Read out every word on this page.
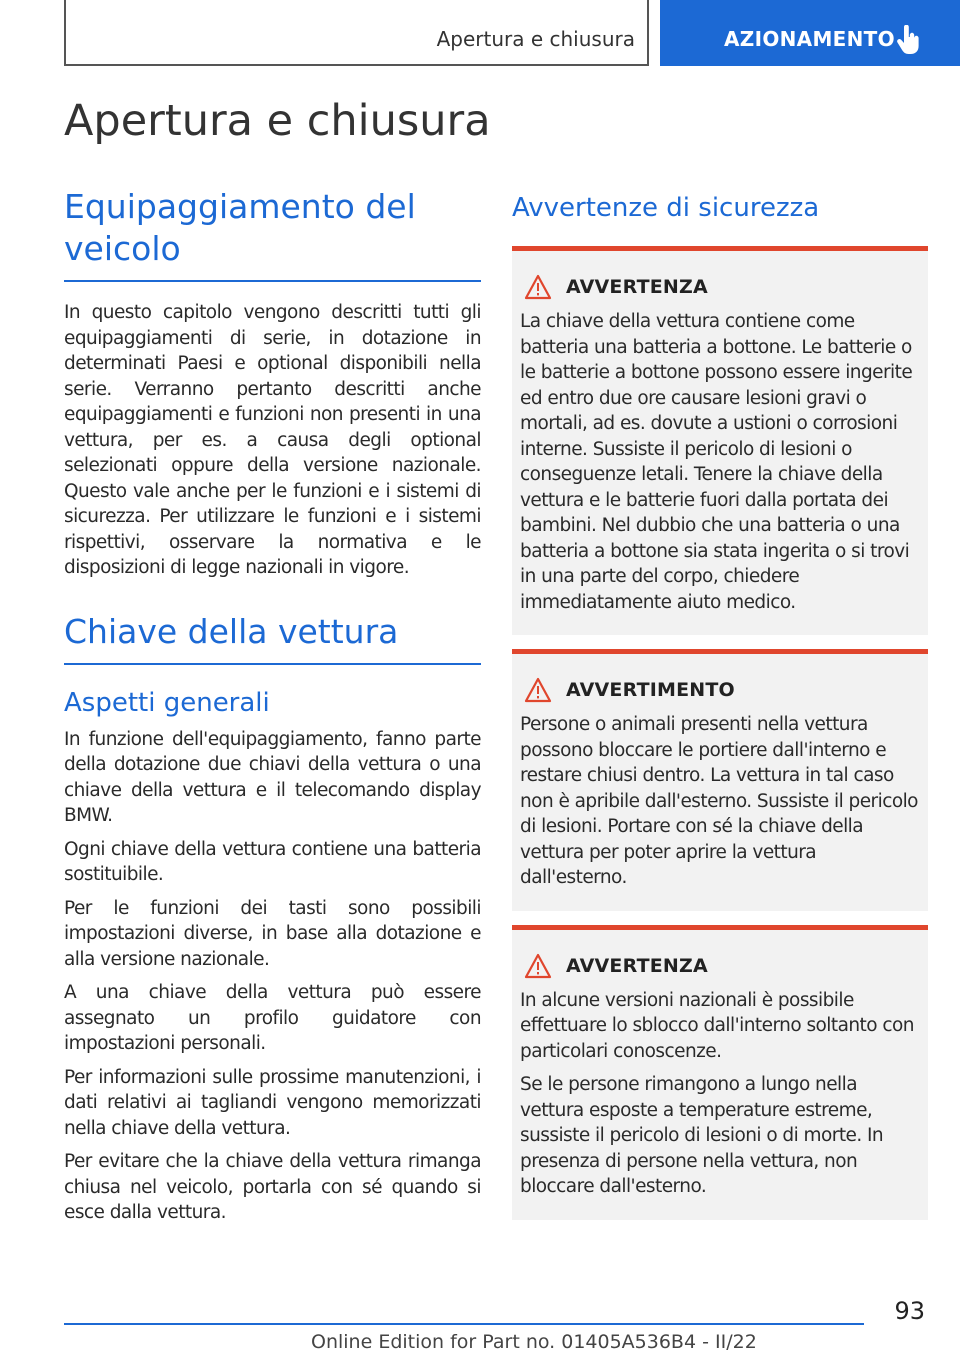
Apertura e chiusura	AZIONAMENTO
Apertura e chiusura
Equipaggiamento del
veicolo

In questo capitolo vengono descritti tutti gli equipaggiamenti di serie, in dotazione in determinati Paesi e optional disponibili nella serie. Verranno pertanto descritti anche equipaggiamenti e funzioni non presenti in una vettura, per es. a causa degli optional selezionati oppure della versione nazionale. Questo vale anche per le funzioni e i sistemi di sicurezza. Per utilizzare le funzioni e i sistemi rispettivi, osservare la normativa e le disposizioni di legge nazionali in vigore.

Chiave della vettura
Aspetti generali

In funzione dell'equipaggiamento, fanno parte della dotazione due chiavi della vettura o una chiave della vettura e il telecomando display BMW.

Ogni chiave della vettura contiene una batteria sostituibile.

Per le funzioni dei tasti sono possibili impostazioni diverse, in base alla dotazione e alla versione nazionale.

A una chiave della vettura può essere assegnato un profilo guidatore con impostazioni personali.

Per informazioni sulle prossime manutenzioni, i dati relativi ai tagliandi vengono memorizzati nella chiave della vettura.

Per evitare che la chiave della vettura rimanga chiusa nel veicolo, portarla con sé quando si esce dalla vettura.

Avvertenze di sicurezza
AVVERTENZA

La chiave della vettura contiene come batteria una batteria a bottone. Le batterie o le batterie a bottone possono essere ingerite ed entro due ore causare lesioni gravi o mortali, ad es. dovute a ustioni o corrosioni interne. Sussiste il pericolo di lesioni o conseguenze letali. Tenere la chiave della vettura e le batterie fuori dalla portata dei bambini. Nel dubbio che una batteria o una batteria a bottone sia stata ingerita o si trovi in una parte del corpo, chiedere immediatamente aiuto medico.

AVVERTIMENTO

Persone o animali presenti nella vettura possono bloccare le portiere dall'interno e restare chiusi dentro. La vettura in tal caso non è apribile dall'esterno. Sussiste il pericolo di lesioni. Portare con sé la chiave della vettura per poter aprire la vettura dall'esterno.

AVVERTENZA

In alcune versioni nazionali è possibile effettuare lo sblocco dall'interno soltanto con particolari conoscenze.

Se le persone rimangono a lungo nella vettura esposte a temperature estreme, sussiste il pericolo di lesioni o di morte. In presenza di persone nella vettura, non bloccare dall'esterno.

93
Online Edition for Part no. 01405A536B4 - II/22
